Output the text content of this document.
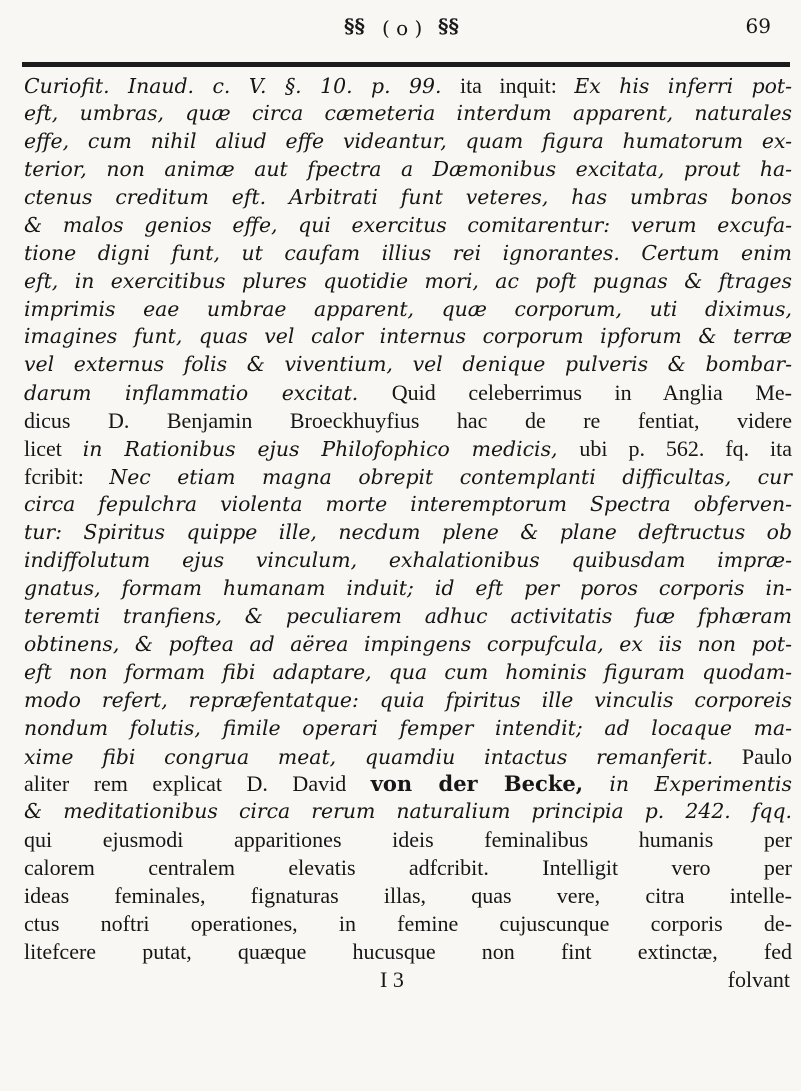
§§ ( o ) §§	69
Curiofit. Inaud. c. V. §. 10. p. 99. ita inquit: Ex his inferri pot-
eft, umbras, quæ circa cæmeteria interdum apparent, naturales
effe, cum nihil aliud effe videantur, quam figura humatorum ex-
terior, non animæ aut fpectra a Dæmonibus excitata, prout ha-
ctenus creditum eft. Arbitrati funt veteres, has umbras bonos
& malos genios effe, qui exercitus comitarentur: verum excufa-
tione digni funt, ut caufam illius rei ignorantes. Certum enim
eft, in exercitibus plures quotidie mori, ac poft pugnas & ftrages
imprimis eae umbrae apparent, quæ corporum, uti diximus,
imagines funt, quas vel calor internus corporum ipforum & terræ
vel externus folis & viventium, vel denique pulveris & bombar-
darum inflammatio excitat. Quid celeberrimus in Anglia Me-
dicus D. Benjamin Broeckhuyfius hac de re fentiat, videre
licet in Rationibus ejus Philofophico medicis, ubi p. 562. fq. ita
fcribit: Nec etiam magna obrepit contemplanti difficultas, cur
circa fepulchra violenta morte interemptorum Spectra obferven-
tur: Spiritus quippe ille, necdum plene & plane deftructus ob
indiffolutum ejus vinculum, exhalationibus quibusdam impræ-
gnatus, formam humanam induit; id eft per poros corporis in-
teremti tranfiens, & peculiarem adhuc activitatis fuæ fphæram
obtinens, & poftea ad aërea impingens corpufcula, ex iis non pot-
eft non formam fibi adaptare, qua cum hominis figuram quodam-
modo refert, repræfentatque: quia fpiritus ille vinculis corporeis
nondum folutis, fimile operari femper intendit; ad locaque ma-
xime fibi congrua meat, quamdiu intactus remanferit. Paulo
aliter rem explicat D. David von der Becke, in Experimentis
& meditationibus circa rerum naturalium principia p. 242. fqq.
qui ejusmodi apparitiones ideis feminalibus humanis per
calorem centralem elevatis adfcribit. Intelligit vero per
ideas feminales, fignaturas illas, quas vere, citra intelle-
ctus noftri operationes, in femine cujuscunque corporis de-
litefcere putat, quæque hucusque non fint extinctæ, fed
I 3	folvant
